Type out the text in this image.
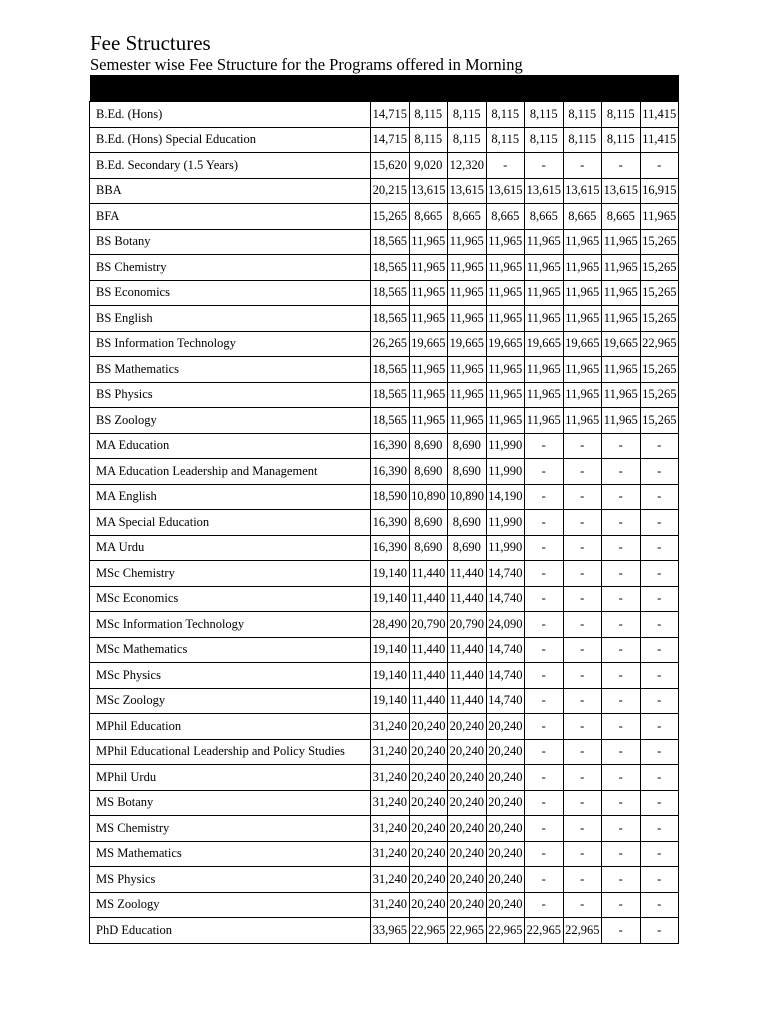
Fee Structures
Semester wise Fee Structure for the Programs offered in Morning
Program	1st	2nd	3rd	4th	5th	6th	7th	8th
B.Ed. (Hons)	14,715	8,115	8,115	8,115	8,115	8,115	8,115	11,415
B.Ed. (Hons) Special Education	14,715	8,115	8,115	8,115	8,115	8,115	8,115	11,415
B.Ed. Secondary (1.5 Years)	15,620	9,020	12,320	-	-	-	-	-
BBA	20,215	13,615	13,615	13,615	13,615	13,615	13,615	16,915
BFA	15,265	8,665	8,665	8,665	8,665	8,665	8,665	11,965
BS Botany	18,565	11,965	11,965	11,965	11,965	11,965	11,965	15,265
BS Chemistry	18,565	11,965	11,965	11,965	11,965	11,965	11,965	15,265
BS Economics	18,565	11,965	11,965	11,965	11,965	11,965	11,965	15,265
BS English	18,565	11,965	11,965	11,965	11,965	11,965	11,965	15,265
BS Information Technology	26,265	19,665	19,665	19,665	19,665	19,665	19,665	22,965
BS Mathematics	18,565	11,965	11,965	11,965	11,965	11,965	11,965	15,265
BS Physics	18,565	11,965	11,965	11,965	11,965	11,965	11,965	15,265
BS Zoology	18,565	11,965	11,965	11,965	11,965	11,965	11,965	15,265
MA Education	16,390	8,690	8,690	11,990	-	-	-	-
MA Education Leadership and Management	16,390	8,690	8,690	11,990	-	-	-	-
MA English	18,590	10,890	10,890	14,190	-	-	-	-
MA Special Education	16,390	8,690	8,690	11,990	-	-	-	-
MA Urdu	16,390	8,690	8,690	11,990	-	-	-	-
MSc Chemistry	19,140	11,440	11,440	14,740	-	-	-	-
MSc Economics	19,140	11,440	11,440	14,740	-	-	-	-
MSc Information Technology	28,490	20,790	20,790	24,090	-	-	-	-
MSc Mathematics	19,140	11,440	11,440	14,740	-	-	-	-
MSc Physics	19,140	11,440	11,440	14,740	-	-	-	-
MSc Zoology	19,140	11,440	11,440	14,740	-	-	-	-
MPhil Education	31,240	20,240	20,240	20,240	-	-	-	-
MPhil Educational Leadership and Policy Studies	31,240	20,240	20,240	20,240	-	-	-	-
MPhil Urdu	31,240	20,240	20,240	20,240	-	-	-	-
MS Botany	31,240	20,240	20,240	20,240	-	-	-	-
MS Chemistry	31,240	20,240	20,240	20,240	-	-	-	-
MS Mathematics	31,240	20,240	20,240	20,240	-	-	-	-
MS Physics	31,240	20,240	20,240	20,240	-	-	-	-
MS Zoology	31,240	20,240	20,240	20,240	-	-	-	-
PhD Education	33,965	22,965	22,965	22,965	22,965	22,965	-	-
